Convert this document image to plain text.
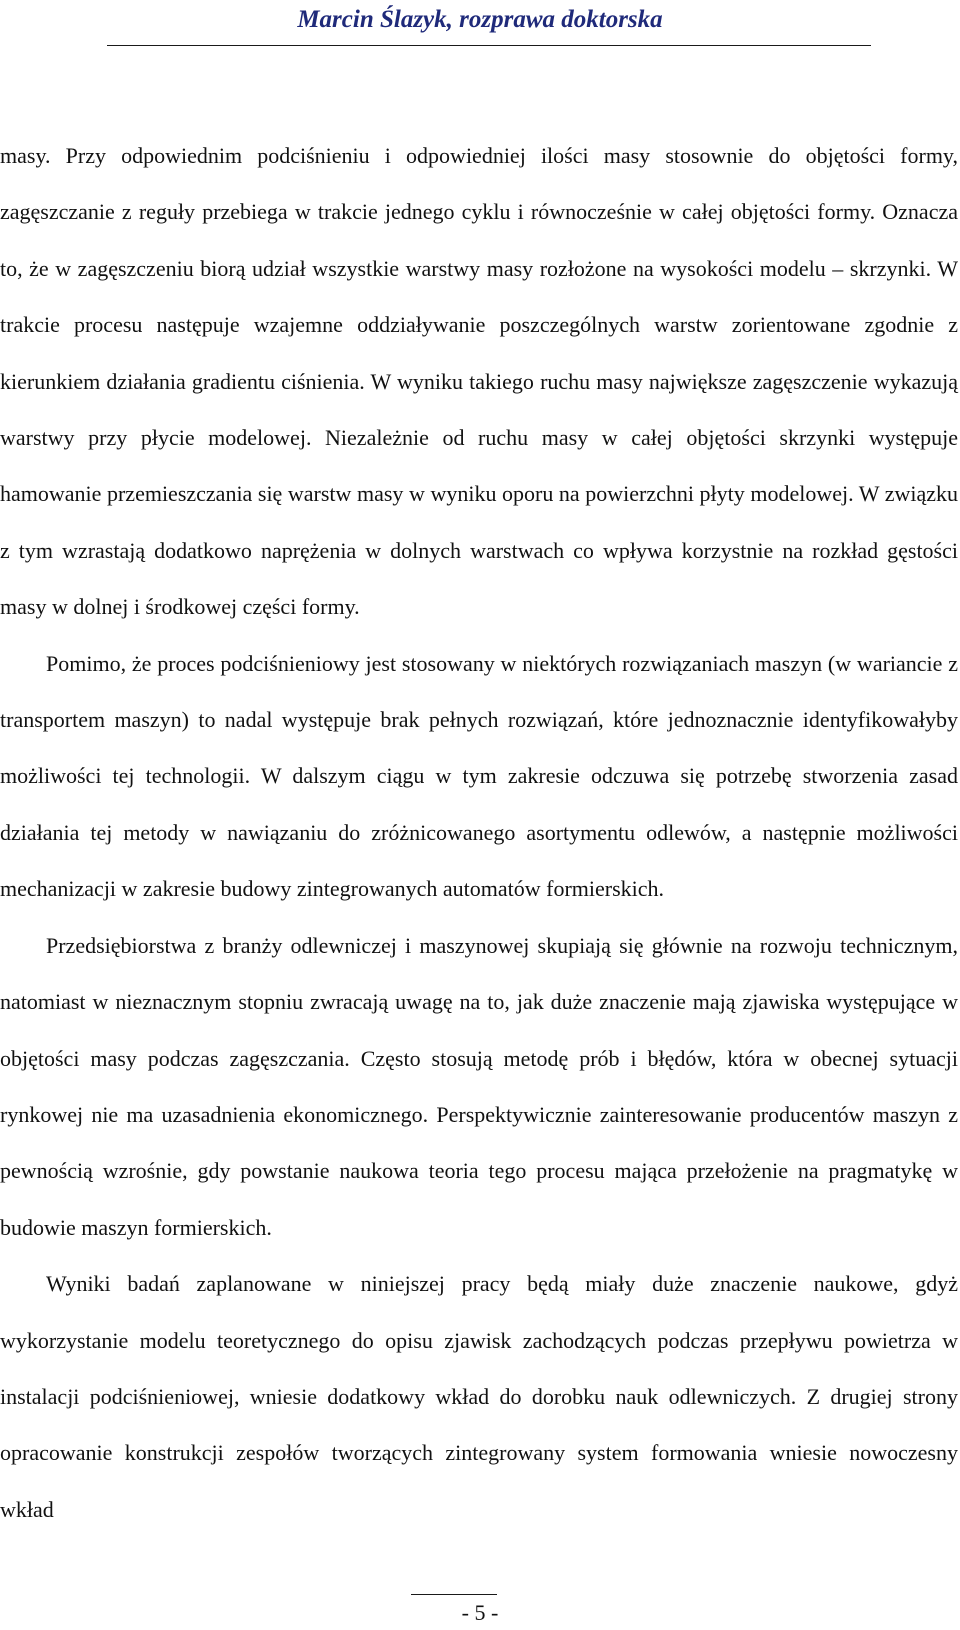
Marcin Ślazyk, rozprawa doktorska

masy. Przy odpowiednim podciśnieniu i odpowiedniej ilości masy stosownie do objętości formy, zagęszczanie z reguły przebiega w trakcie jednego cyklu i równocześnie w całej objętości formy. Oznacza to, że w zagęszczeniu biorą udział wszystkie warstwy masy rozłożone na wysokości modelu – skrzynki. W trakcie procesu następuje wzajemne oddziaływanie poszczególnych warstw zorientowane zgodnie z kierunkiem działania gradientu ciśnienia. W wyniku takiego ruchu masy największe zagęszczenie wykazują warstwy przy płycie modelowej. Niezależnie od ruchu masy w całej objętości skrzynki występuje hamowanie przemieszczania się warstw masy w wyniku oporu na powierzchni płyty modelowej. W związku z tym wzrastają dodatkowo naprężenia w dolnych warstwach co wpływa korzystnie na rozkład gęstości masy w dolnej i środkowej części formy.

Pomimo, że proces podciśnieniowy jest stosowany w niektórych rozwiązaniach maszyn (w wariancie z transportem maszyn) to nadal występuje brak pełnych rozwiązań, które jednoznacznie identyfikowałyby możliwości tej technologii. W dalszym ciągu w tym zakresie odczuwa się potrzebę stworzenia zasad działania tej metody w nawiązaniu do zróżnicowanego asortymentu odlewów, a następnie możliwości mechanizacji w zakresie budowy zintegrowanych automatów formierskich.

Przedsiębiorstwa z branży odlewniczej i maszynowej skupiają się głównie na rozwoju technicznym, natomiast w nieznacznym stopniu zwracają uwagę na to, jak duże znaczenie mają zjawiska występujące w objętości masy podczas zagęszczania. Często stosują metodę prób i błędów, która w obecnej sytuacji rynkowej nie ma uzasadnienia ekonomicznego. Perspektywicznie zainteresowanie producentów maszyn z pewnością wzrośnie, gdy powstanie naukowa teoria tego procesu mająca przełożenie na pragmatykę w budowie maszyn formierskich.

Wyniki badań zaplanowane w niniejszej pracy będą miały duże znaczenie naukowe, gdyż wykorzystanie modelu teoretycznego do opisu zjawisk zachodzących podczas przepływu powietrza w instalacji podciśnieniowej, wniesie dodatkowy wkład do dorobku nauk odlewniczych. Z drugiej strony opracowanie konstrukcji zespołów tworzących zintegrowany system formowania wniesie nowoczesny wkład

- 5 -
